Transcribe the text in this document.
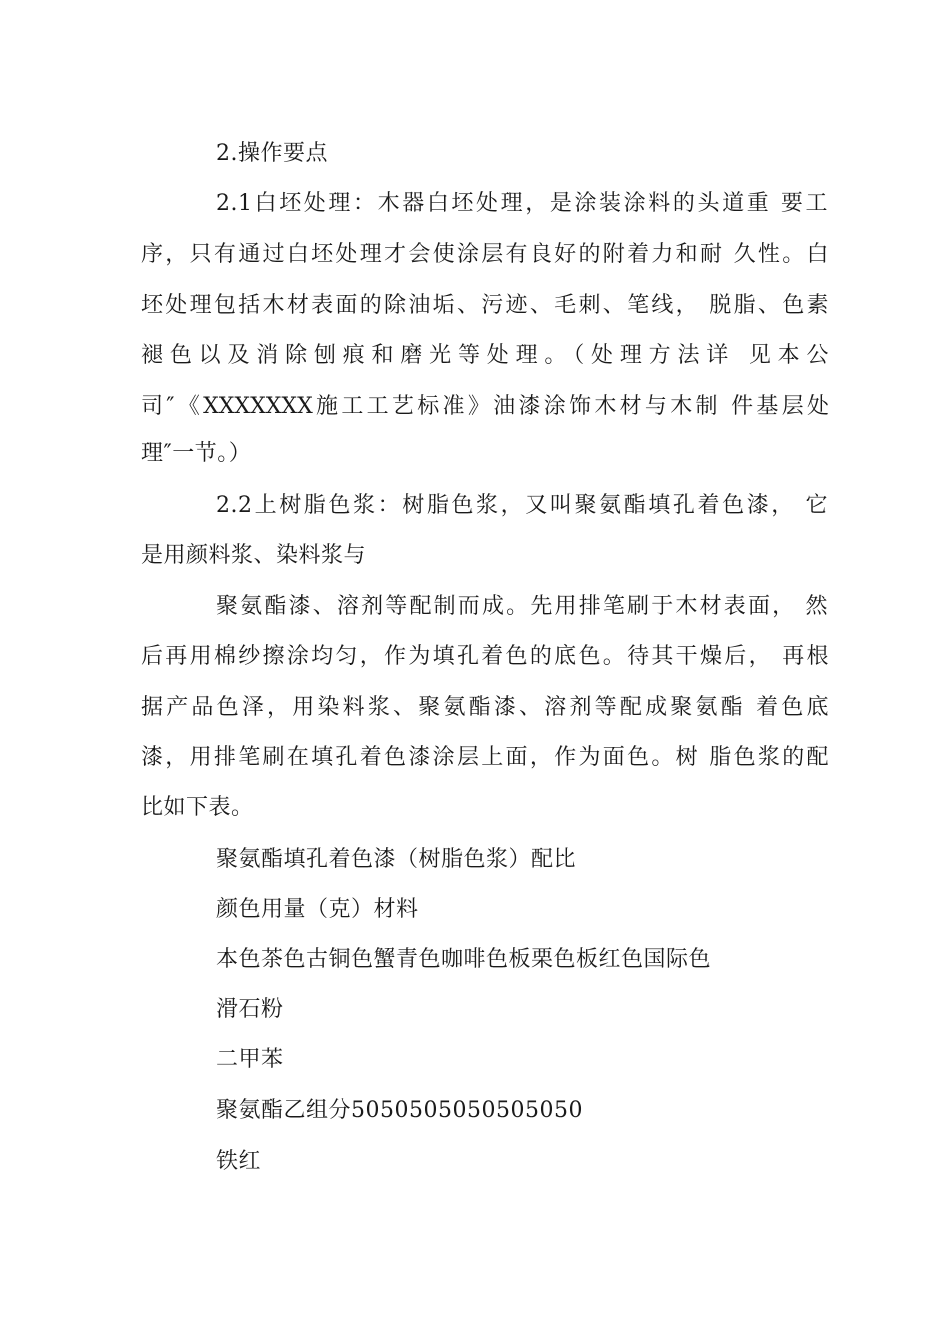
2.操作要点
2.1白坯处理：木器白坯处理，是涂装涂料的头道重 要工
序，只有通过白坯处理才会使涂层有良好的附着力和耐 久性。白
坯处理包括木材表面的除油垢、污迹、毛刺、笔线， 脱脂、色素
褪色以及消除刨痕和磨光等处理。（处理方法详 见本公
司″《XXXXXXX施工工艺标准》油漆涂饰木材与木制 件基层处
理″一节。）
2.2上树脂色浆：树脂色浆，又叫聚氨酯填孔着色漆， 它
是用颜料浆、染料浆与
聚氨酯漆、溶剂等配制而成。先用排笔刷于木材表面， 然
后再用棉纱擦涂均匀，作为填孔着色的底色。待其干燥后， 再根
据产品色泽，用染料浆、聚氨酯漆、溶剂等配成聚氨酯 着色底
漆，用排笔刷在填孔着色漆涂层上面，作为面色。树 脂色浆的配
比如下表。
聚氨酯填孔着色漆（树脂色浆）配比
颜色用量（克）材料
本色茶色古铜色蟹青色咖啡色板栗色板红色国际色
滑石粉
二甲苯
聚氨酯乙组分5050505050505050
铁红
